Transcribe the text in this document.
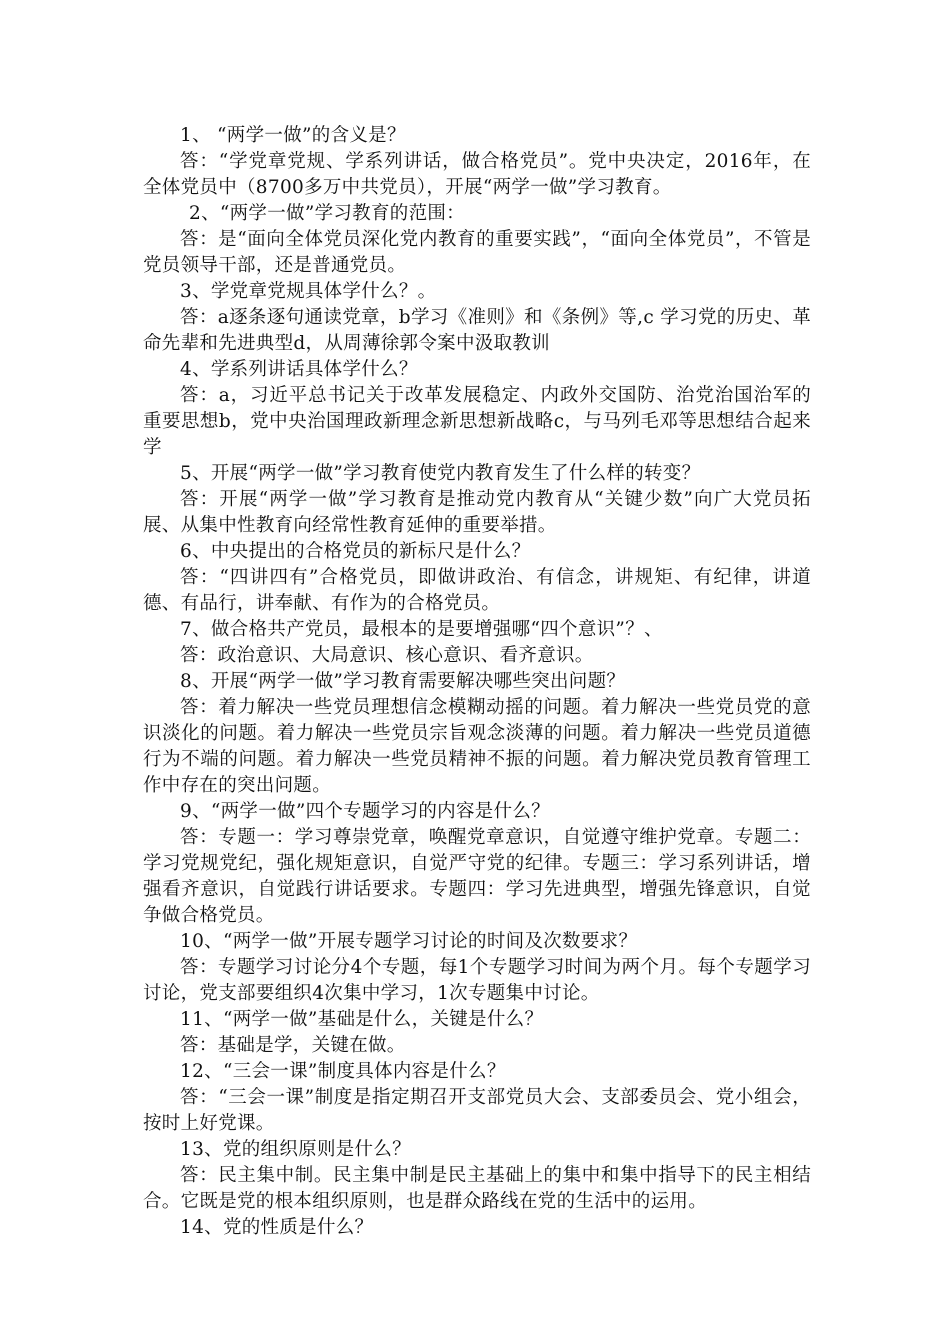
1、 “两学一做”的含义是？

答：“学党章党规、学系列讲话，做合格党员”。党中央决定，2016年，在全体党员中（8700多万中共党员），开展“两学一做”学习教育。

2、“两学一做”学习教育的范围：

答：是“面向全体党员深化党内教育的重要实践”，“面向全体党员”，不管是党员领导干部，还是普通党员。

3、学党章党规具体学什么？。

答：a逐条逐句通读党章，b学习《准则》和《条例》等,c 学习党的历史、革命先辈和先进典型d，从周薄徐郭令案中汲取教训

4、学系列讲话具体学什么？

答：a，习近平总书记关于改革发展稳定、内政外交国防、治党治国治军的重要思想b，党中央治国理政新理念新思想新战略c，与马列毛邓等思想结合起来学

5、开展“两学一做”学习教育使党内教育发生了什么样的转变？

答：开展“两学一做”学习教育是推动党内教育从“关键少数”向广大党员拓展、从集中性教育向经常性教育延伸的重要举措。

6、中央提出的合格党员的新标尺是什么？

答：“四讲四有”合格党员，即做讲政治、有信念，讲规矩、有纪律，讲道德、有品行，讲奉献、有作为的合格党员。

7、做合格共产党员，最根本的是要增强哪“四个意识”？、

答：政治意识、大局意识、核心意识、看齐意识。

8、开展“两学一做”学习教育需要解决哪些突出问题？

答：着力解决一些党员理想信念模糊动摇的问题。着力解决一些党员党的意识淡化的问题。着力解决一些党员宗旨观念淡薄的问题。着力解决一些党员道德行为不端的问题。着力解决一些党员精神不振的问题。着力解决党员教育管理工作中存在的突出问题。

9、“两学一做”四个专题学习的内容是什么？

答：专题一：学习尊崇党章，唤醒党章意识，自觉遵守维护党章。专题二：学习党规党纪，强化规矩意识，自觉严守党的纪律。专题三：学习系列讲话，增强看齐意识，自觉践行讲话要求。专题四：学习先进典型，增强先锋意识，自觉争做合格党员。

10、“两学一做”开展专题学习讨论的时间及次数要求？

答：专题学习讨论分4个专题，每1个专题学习时间为两个月。每个专题学习讨论，党支部要组织4次集中学习，1次专题集中讨论。

11、“两学一做”基础是什么，关键是什么？

答：基础是学，关键在做。

12、“三会一课”制度具体内容是什么？

答：“三会一课”制度是指定期召开支部党员大会、支部委员会、党小组会，按时上好党课。

13、党的组织原则是什么？

答：民主集中制。民主集中制是民主基础上的集中和集中指导下的民主相结合。它既是党的根本组织原则，也是群众路线在党的生活中的运用。

14、党的性质是什么？
